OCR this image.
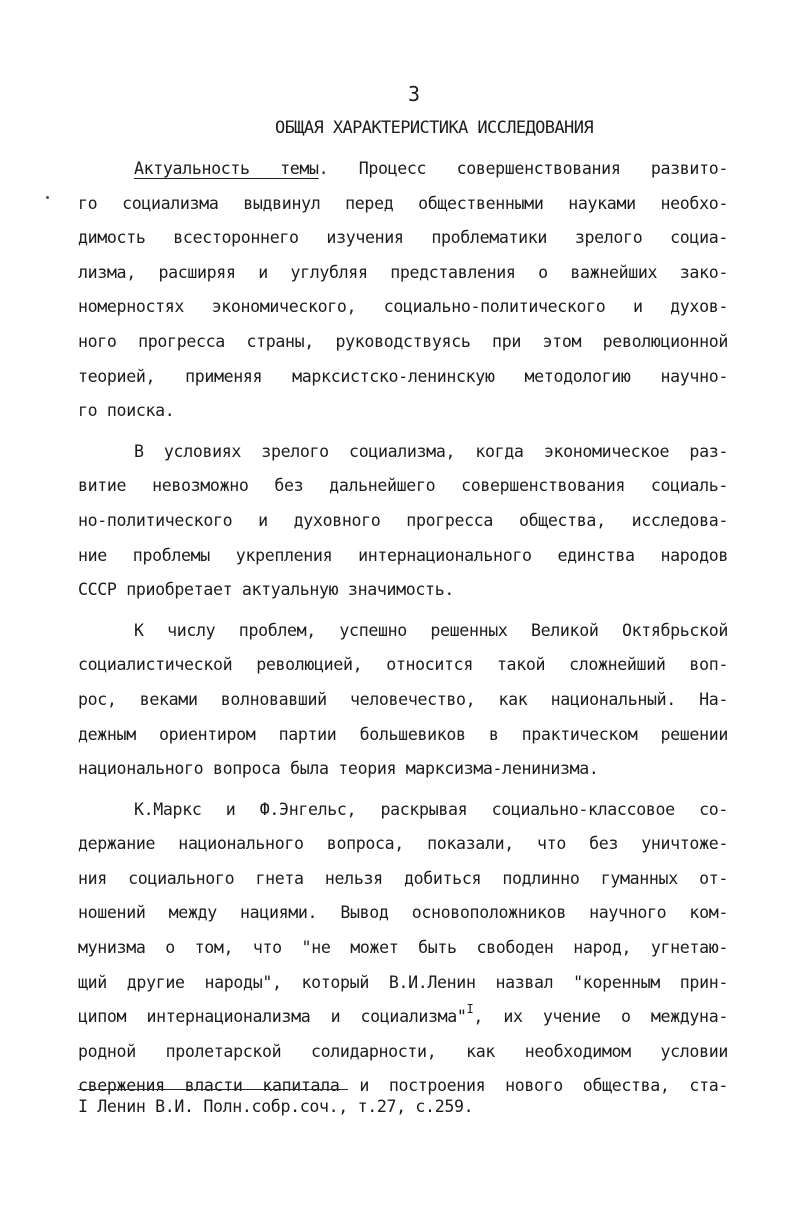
3
ОБЩАЯ ХАРАКТЕРИСТИКА ИССЛЕДОВАНИЯ
Актуальность темы. Процесс совершенствования развито-
го социализма выдвинул перед общественными науками необхо-
димость всестороннего изучения проблематики зрелого социа-
лизма, расширяя и углубляя представления о важнейших зако-
номерностях экономического, социально-политического и духов-
ного прогресса страны, руководствуясь при этом революционной
теорией, применяя марксистско-ленинскую методологию научно-
го поиска.
В условиях зрелого социализма, когда экономическое раз-
витие невозможно без дальнейшего совершенствования социаль-
но-политического и духовного прогресса общества, исследова-
ние проблемы укрепления интернационального единства народов
СССР приобретает актуальную значимость.
К числу проблем, успешно решенных Великой Октябрьской
социалистической революцией, относится такой сложнейший воп-
рос, веками волновавший человечество, как национальный. На-
дежным ориентиром партии большевиков в практическом решении
национального вопроса была теория марксизма-ленинизма.
К.Маркс и Ф.Энгельс, раскрывая социально-классовое со-
держание национального вопроса, показали, что без уничтоже-
ния социального гнета нельзя добиться подлинно гуманных от-
ношений между нациями. Вывод основоположников научного ком-
мунизма о том, что "не может быть свободен народ, угнетаю-
щий другие народы", который В.И.Ленин назвал "коренным прин-
ципом интернационализма и социализма"$^I$, их учение о междуна-
родной пролетарской солидарности, как необходимом условии
свержения власти капитала и построения нового общества, ста-
I Ленин В.И. Полн.собр.соч., т.27, с.259.
